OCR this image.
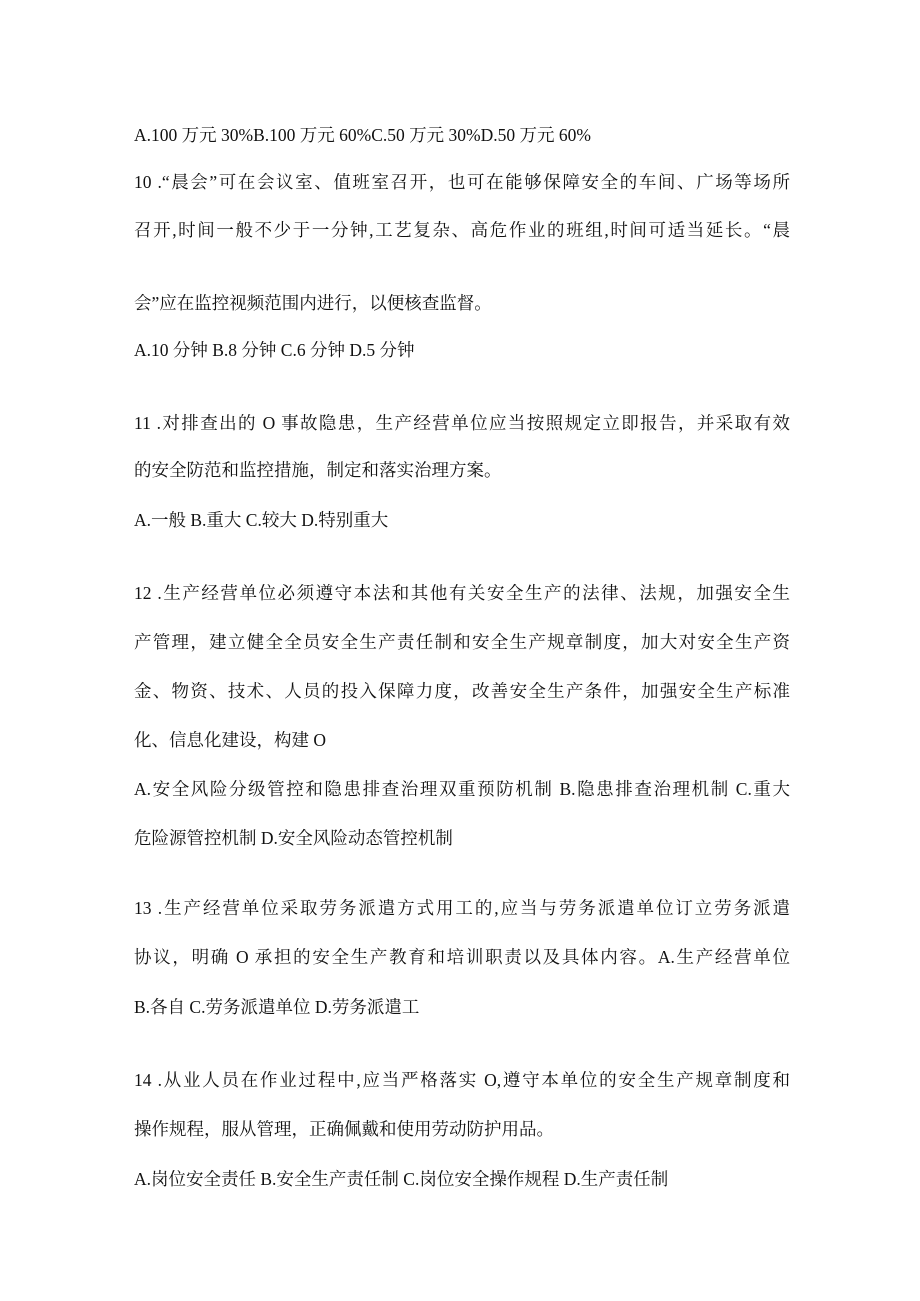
A.100 万元 30%B.100 万元 60%C.50 万元 30%D.50 万元 60%
10 .“晨会”可在会议室、值班室召开，也可在能够保障安全的车间、广场等场所
召开,时间一般不少于一分钟,工艺复杂、高危作业的班组,时间可适当延长。“晨
会”应在监控视频范围内进行，以便核查监督。
A.10 分钟 B.8 分钟 C.6 分钟 D.5 分钟
11 .对排查出的 O 事故隐患，生产经营单位应当按照规定立即报告，并采取有效
的安全防范和监控措施，制定和落实治理方案。
A.一般 B.重大 C.较大 D.特别重大
12 .生产经营单位必须遵守本法和其他有关安全生产的法律、法规，加强安全生
产管理，建立健全全员安全生产责任制和安全生产规章制度，加大对安全生产资
金、物资、技术、人员的投入保障力度，改善安全生产条件，加强安全生产标准
化、信息化建设，构建 O
A.安全风险分级管控和隐患排查治理双重预防机制 B.隐患排查治理机制 C.重大
危险源管控机制 D.安全风险动态管控机制
13 .生产经营单位采取劳务派遣方式用工的,应当与劳务派遣单位订立劳务派遣
协议，明确 O 承担的安全生产教育和培训职责以及具体内容。A.生产经营单位
B.各自 C.劳务派遣单位 D.劳务派遣工
14 .从业人员在作业过程中,应当严格落实 O,遵守本单位的安全生产规章制度和
操作规程，服从管理，正确佩戴和使用劳动防护用品。
A.岗位安全责任 B.安全生产责任制 C.岗位安全操作规程 D.生产责任制
